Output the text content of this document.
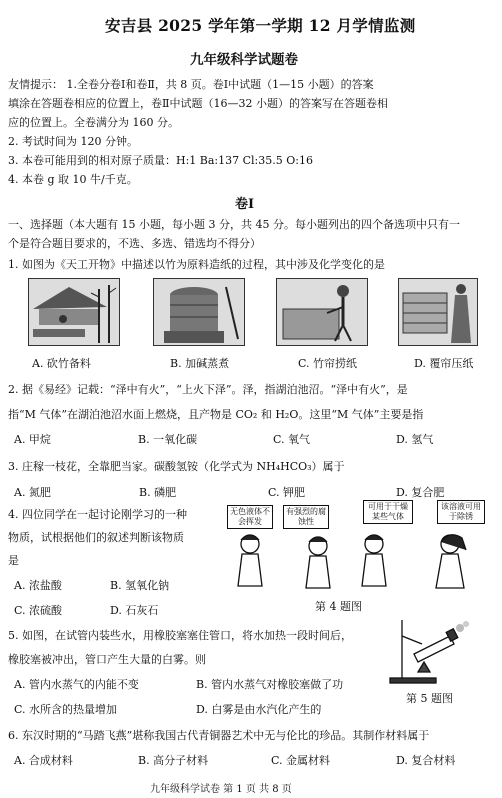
安吉县 2025 学年第一学期 12 月学情监测
九年级科学试题卷
友情提示： 1.全卷分卷Ⅰ和卷Ⅱ，共 8 页。卷Ⅰ中试题（1—15 小题）的答案
填涂在答题卷相应的位置上，卷Ⅱ中试题（16—32 小题）的答案写在答题卷相
应的位置上。全卷满分为 160 分。
2. 考试时间为 120 分钟。
3. 本卷可能用到的相对原子质量：H:1 Ba:137 Cl:35.5 O:16
4. 本卷 g 取 10 牛/千克。
卷Ⅰ
一、选择题（本大题有 15 小题，每小题 3 分，共 45 分。每小题列出的四个备选项中只有一
个是符合题目要求的，不选、多选、错选均不得分）
1. 如图为《天工开物》中描述以竹为原料造纸的过程，其中涉及化学变化的是
A. 砍竹备料	B. 加碱蒸煮	C. 竹帘捞纸	D. 覆帘压纸
2. 据《易经》记载：“泽中有火”，“上火下泽”。泽，指湖泊池沼。“泽中有火”，是
指“M 气体”在湖泊池沼水面上燃烧，且产物是 CO₂ 和 H₂O。这里“M 气体”主要是指
A. 甲烷	B. 一氧化碳	C. 氧气	D. 氢气
3. 庄稼一枝花，全靠肥当家。碳酸氢铵（化学式为 NH₄HCO₃）属于
A. 氮肥	B. 磷肥	C. 钾肥	D. 复合肥
4. 四位同学在一起讨论刚学习的一种
物质，试根据他们的叙述判断该物质
是
A. 浓盐酸	B. 氢氧化钠
C. 浓硫酸	D. 石灰石
无色液体不会挥发
有强烈的腐蚀性
可用于干燥某些气体
该溶液可用于除锈
第 4 题图
5. 如图，在试管内装些水，用橡胶塞塞住管口，将水加热一段时间后，
橡胶塞被冲出，管口产生大量的白雾。则
A. 管内水蒸气的内能不变	B. 管内水蒸气对橡胶塞做了功
C. 水所含的热量增加	D. 白雾是由水汽化产生的
第 5 题图
6. 东汉时期的“马踏飞燕”堪称我国古代青铜器艺术中无与伦比的珍品。其制作材料属于
A. 合成材料	B. 高分子材料	C. 金属材料	D. 复合材料
九年级科学试卷 第 1 页 共 8 页
